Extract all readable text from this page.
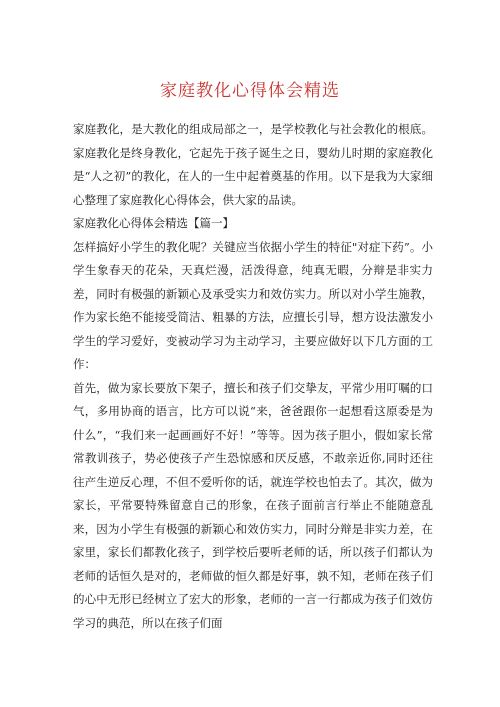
家庭教化心得体会精选

家庭教化，是大教化的组成局部之一，是学校教化与社会教化的根底。家庭教化是终身教化，它起先于孩子诞生之日，婴幼儿时期的家庭教化是“人之初”的教化，在人的一生中起着奠基的作用。以下是我为大家细心整理了家庭教化心得体会，供大家的品读。

家庭教化心得体会精选【篇一】

怎样搞好小学生的教化呢？关键应当依据小学生的特征"对症下药”。小学生象春天的花朵，天真烂漫，活泼得意，纯真无暇，分辩是非实力差，同时有极强的新颖心及承受实力和效仿实力。所以对小学生施教，作为家长绝不能接受简洁、粗暴的方法，应擅长引导，想方设法激发小学生的学习爱好，变被动学习为主动学习，主要应做好以下几方面的工作：

首先，做为家长要放下架子，擅长和孩子们交挚友，平常少用叮嘱的口气，多用协商的语言，比方可以说“来，爸爸跟你一起想看这原委是为什么”，“我们来一起画画好不好！”等等。因为孩子胆小，假如家长常常教训孩子，势必使孩子产生恐惊感和厌反感，不敢亲近你,同时还往往产生逆反心理，不但不爱听你的话，就连学校也怕去了。其次，做为家长，平常要特殊留意自己的形象，在孩子面前言行举止不能随意乱来，因为小学生有极强的新颖心和效仿实力，同时分辩是非实力差，在家里，家长们都教化孩子，到学校后要听老师的话，所以孩子们都认为老师的话恒久是对的，老师做的恒久都是好事，孰不知，老师在孩子们的心中无形已经树立了宏大的形象，老师的一言一行都成为孩子们效仿学习的典范，所以在孩子们面
